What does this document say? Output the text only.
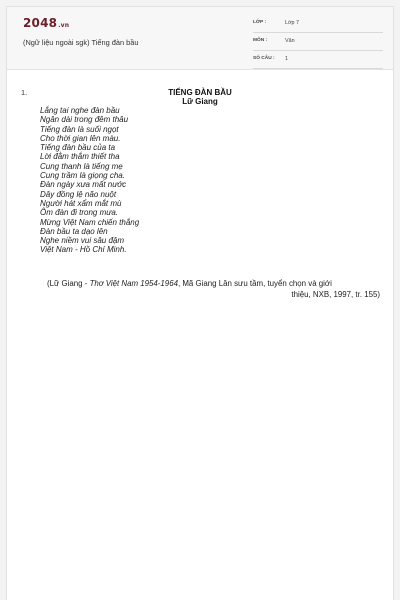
2048.vn
(Ngữ liệu ngoài sgk) Tiếng đàn bầu
LỚP :	Lớp 7
MÔN :	Văn
SỐ CÂU : 1
1.	TIẾNG ĐÀN BẦU
Lữ Giang
Lắng tai nghe đàn bầu
Ngân dài trong đêm thâu
Tiếng đàn là suối ngọt
Cho thời gian lên màu.
Tiếng đàn bầu của ta
Lời đằm thắm thiết tha
Cung thanh là tiếng mẹ
Cung trầm là giọng cha.
Đàn ngày xưa mất nước
Dây đồng lệ não nuột
Người hát xẩm mắt mù
Ôm đàn đi trong mưa.
Mừng Việt Nam chiến thắng
Đàn bầu ta dạo lên
Nghe niềm vui sâu đậm
Việt Nam - Hồ Chí Minh.
(Lữ Giang - Thơ Việt Nam 1954-1964, Mã Giang Lân sưu tầm, tuyển chọn và giới
thiệu, NXB, 1997, tr. 155)
